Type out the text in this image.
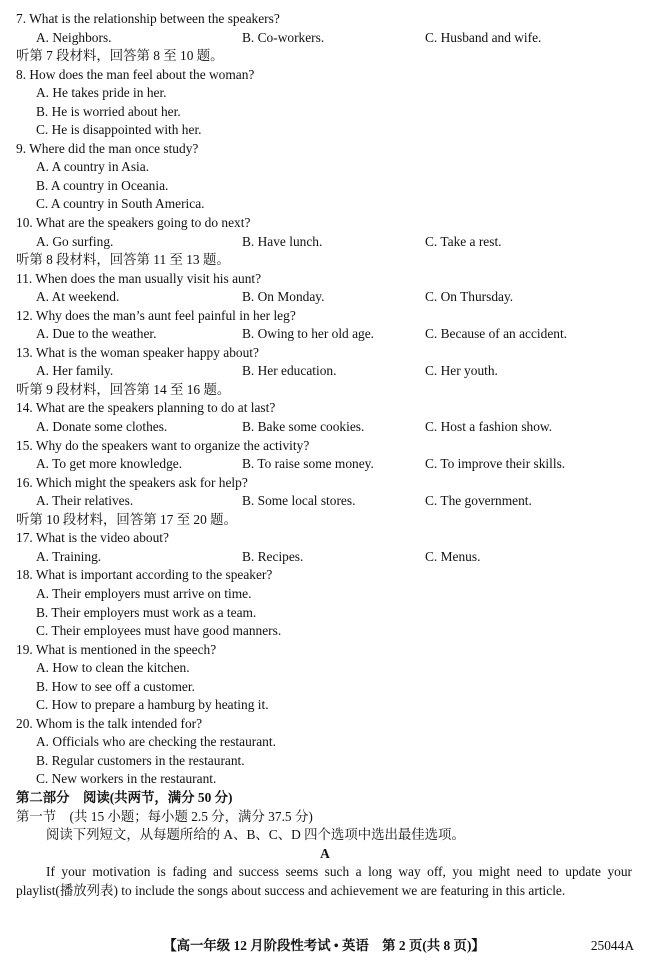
7. What is the relationship between the speakers?
A. Neighbors.	B. Co-workers.	C. Husband and wife.
听第 7 段材料，回答第 8 至 10 题。
8. How does the man feel about the woman?
A. He takes pride in her.
B. He is worried about her.
C. He is disappointed with her.
9. Where did the man once study?
A. A country in Asia.
B. A country in Oceania.
C. A country in South America.
10. What are the speakers going to do next?
A. Go surfing.	B. Have lunch.	C. Take a rest.
听第 8 段材料，回答第 11 至 13 题。
11. When does the man usually visit his aunt?
A. At weekend.	B. On Monday.	C. On Thursday.
12. Why does the man’s aunt feel painful in her leg?
A. Due to the weather.	B. Owing to her old age.	C. Because of an accident.
13. What is the woman speaker happy about?
A. Her family.	B. Her education.	C. Her youth.
听第 9 段材料，回答第 14 至 16 题。
14. What are the speakers planning to do at last?
A. Donate some clothes.	B. Bake some cookies.	C. Host a fashion show.
15. Why do the speakers want to organize the activity?
A. To get more knowledge.	B. To raise some money.	C. To improve their skills.
16. Which might the speakers ask for help?
A. Their relatives.	B. Some local stores.	C. The government.
听第 10 段材料，回答第 17 至 20 题。
17. What is the video about?
A. Training.	B. Recipes.	C. Menus.
18. What is important according to the speaker?
A. Their employers must arrive on time.
B. Their employers must work as a team.
C. Their employees must have good manners.
19. What is mentioned in the speech?
A. How to clean the kitchen.
B. How to see off a customer.
C. How to prepare a hamburg by heating it.
20. Whom is the talk intended for?
A. Officials who are checking the restaurant.
B. Regular customers in the restaurant.
C. New workers in the restaurant.
第二部分　阅读(共两节，满分 50 分)
第一节　(共 15 小题；每小题 2.5 分，满分 37.5 分)
阅读下列短文，从每题所给的 A、B、C、D 四个选项中选出最佳选项。
A

If your motivation is fading and success seems such a long way off, you might need to update your playlist(播放列表) to include the songs about success and achievement we are featuring in this article.

【高一年级 12 月阶段性考试 • 英语　第 2 页(共 8 页)】	25044A
